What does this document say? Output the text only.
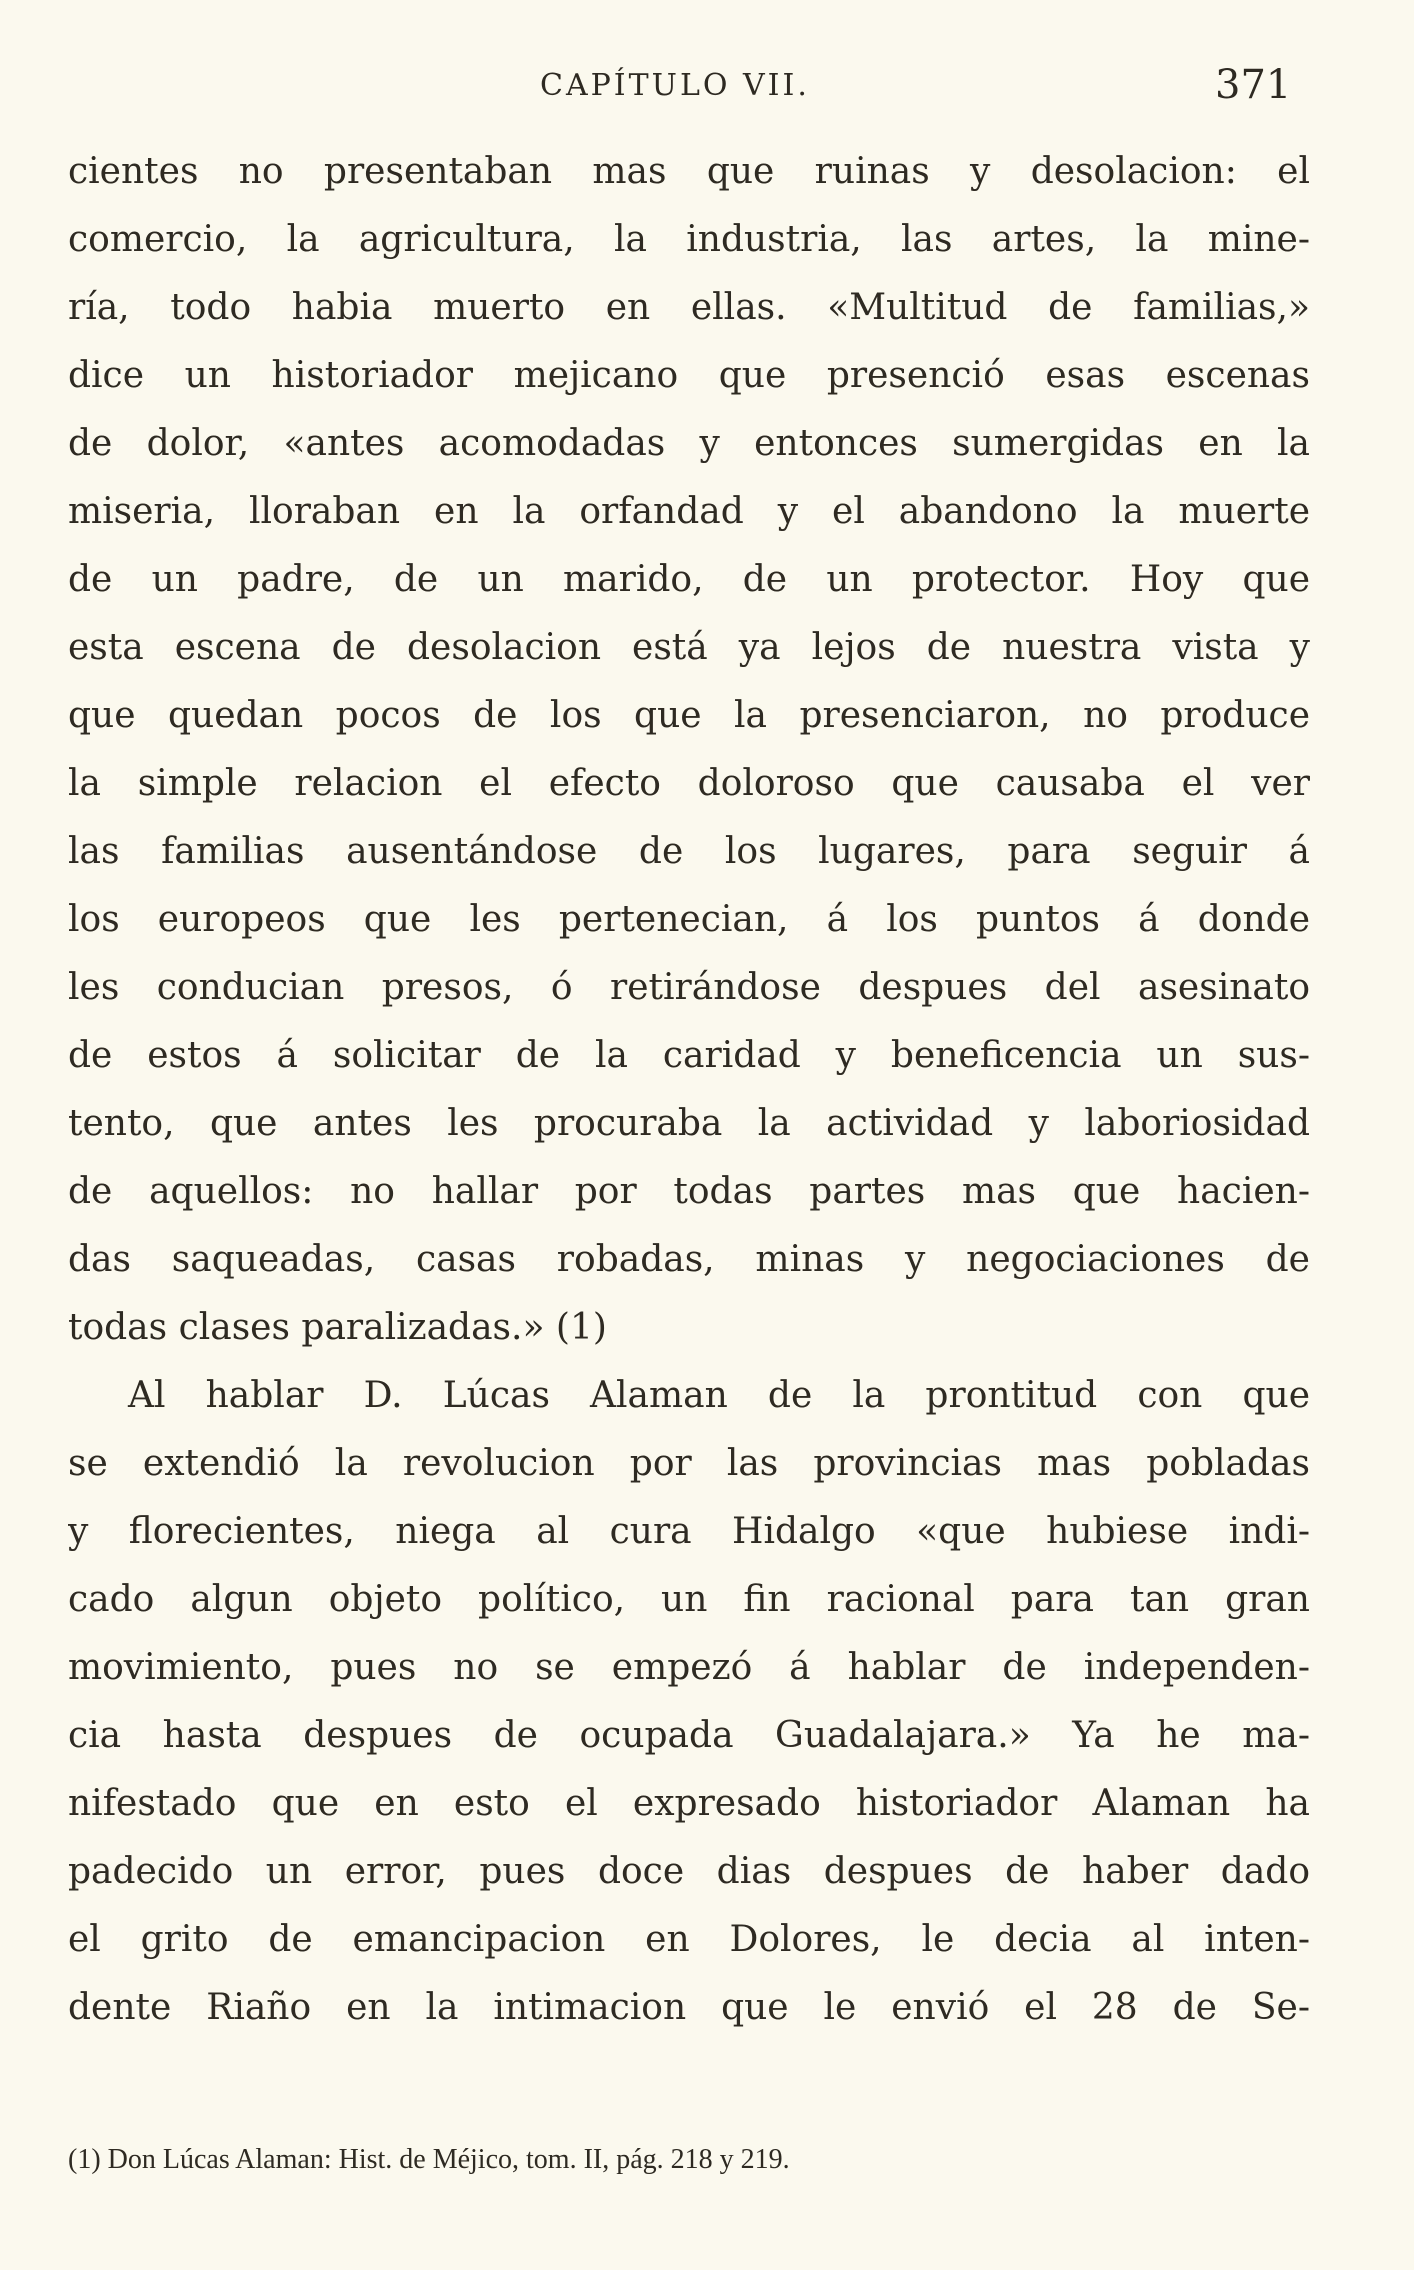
CAPÍTULO VII.	371
cientes no presentaban mas que ruinas y desolacion: el
comercio, la agricultura, la industria, las artes, la mine-
ría, todo habia muerto en ellas. «Multitud de familias,»
dice un historiador mejicano que presenció esas escenas
de dolor, «antes acomodadas y entonces sumergidas en la
miseria, lloraban en la orfandad y el abandono la muerte
de un padre, de un marido, de un protector. Hoy que
esta escena de desolacion está ya lejos de nuestra vista y
que quedan pocos de los que la presenciaron, no produce
la simple relacion el efecto doloroso que causaba el ver
las familias ausentándose de los lugares, para seguir á
los europeos que les pertenecian, á los puntos á donde
les conducian presos, ó retirándose despues del asesinato
de estos á solicitar de la caridad y beneficencia un sus-
tento, que antes les procuraba la actividad y laboriosidad
de aquellos: no hallar por todas partes mas que hacien-
das saqueadas, casas robadas, minas y negociaciones de
todas clases paralizadas.» (1)
Al hablar D. Lúcas Alaman de la prontitud con que
se extendió la revolucion por las provincias mas pobladas
y florecientes, niega al cura Hidalgo «que hubiese indi-
cado algun objeto político, un fin racional para tan gran
movimiento, pues no se empezó á hablar de independen-
cia hasta despues de ocupada Guadalajara.» Ya he ma-
nifestado que en esto el expresado historiador Alaman ha
padecido un error, pues doce dias despues de haber dado
el grito de emancipacion en Dolores, le decia al inten-
dente Riaño en la intimacion que le envió el 28 de Se-
(1) Don Lúcas Alaman: Hist. de Méjico, tom. II, pág. 218 y 219.
